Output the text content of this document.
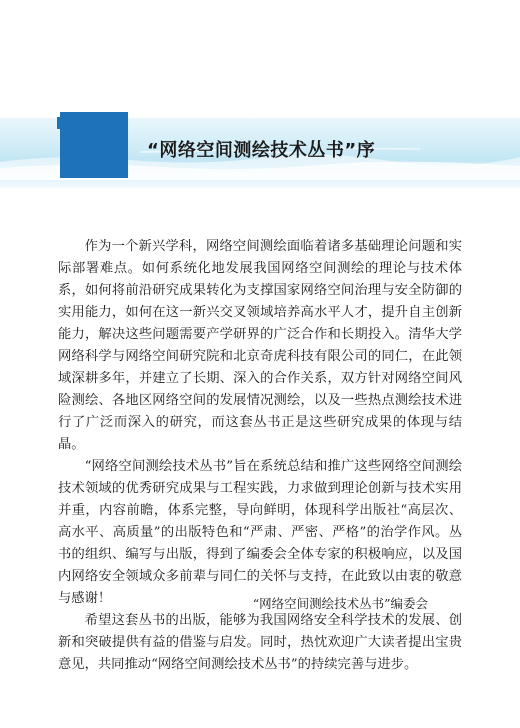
“网络空间测绘技术丛书”序

作为一个新兴学科，网络空间测绘面临着诸多基础理论问题和实际部署难点。如何系统化地发展我国网络空间测绘的理论与技术体系，如何将前沿研究成果转化为支撑国家网络空间治理与安全防御的实用能力，如何在这一新兴交叉领域培养高水平人才，提升自主创新能力，解决这些问题需要产学研界的广泛合作和长期投入。清华大学网络科学与网络空间研究院和北京奇虎科技有限公司的同仁，在此领域深耕多年，并建立了长期、深入的合作关系，双方针对网络空间风险测绘、各地区网络空间的发展情况测绘，以及一些热点测绘技术进行了广泛而深入的研究，而这套丛书正是这些研究成果的体现与结晶。

“网络空间测绘技术丛书”旨在系统总结和推广这些网络空间测绘技术领域的优秀研究成果与工程实践，力求做到理论创新与技术实用并重，内容前瞻，体系完整，导向鲜明，体现科学出版社“高层次、高水平、高质量”的出版特色和“严肃、严密、严格”的治学作风。丛书的组织、编写与出版，得到了编委会全体专家的积极响应，以及国内网络安全领域众多前辈与同仁的关怀与支持，在此致以由衷的敬意与感谢！

希望这套丛书的出版，能够为我国网络安全科学技术的发展、创新和突破提供有益的借鉴与启发。同时，热忱欢迎广大读者提出宝贵意见，共同推动“网络空间测绘技术丛书”的持续完善与进步。

“网络空间测绘技术丛书”编委会
